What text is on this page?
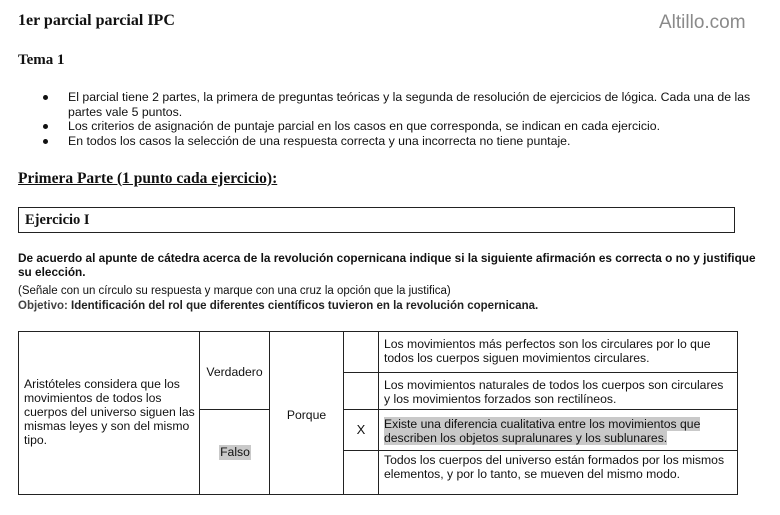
1er parcial parcial IPC	Altillo.com
Tema 1
El parcial tiene 2 partes, la primera de preguntas teóricas y la segunda de resolución de ejercicios de lógica. Cada una de las partes vale 5 puntos.
Los criterios de asignación de puntaje parcial en los casos en que corresponda, se indican en cada ejercicio.
En todos los casos la selección de una respuesta correcta y una incorrecta no tiene puntaje.
Primera Parte (1 punto cada ejercicio):
Ejercicio I
De acuerdo al apunte de cátedra acerca de la revolución copernicana indique si la siguiente afirmación es correcta o no y justifique su elección.
(Señale con un círculo su respuesta y marque con una cruz la opción que la justifica)
Objetivo: Identificación del rol que diferentes científicos tuvieron en la revolución copernicana.
Aristóteles considera que los movimientos de todos los cuerpos del universo siguen las mismas leyes y son del mismo tipo.
Verdadero
Falso
Porque
Los movimientos más perfectos son los circulares por lo que todos los cuerpos siguen movimientos circulares.
Los movimientos naturales de todos los cuerpos son circulares y los movimientos forzados son rectilíneos.
X	Existe una diferencia cualitativa entre los movimientos que describen los objetos supralunares y los sublunares.
Todos los cuerpos del universo están formados por los mismos elementos, y por lo tanto, se mueven del mismo modo.
